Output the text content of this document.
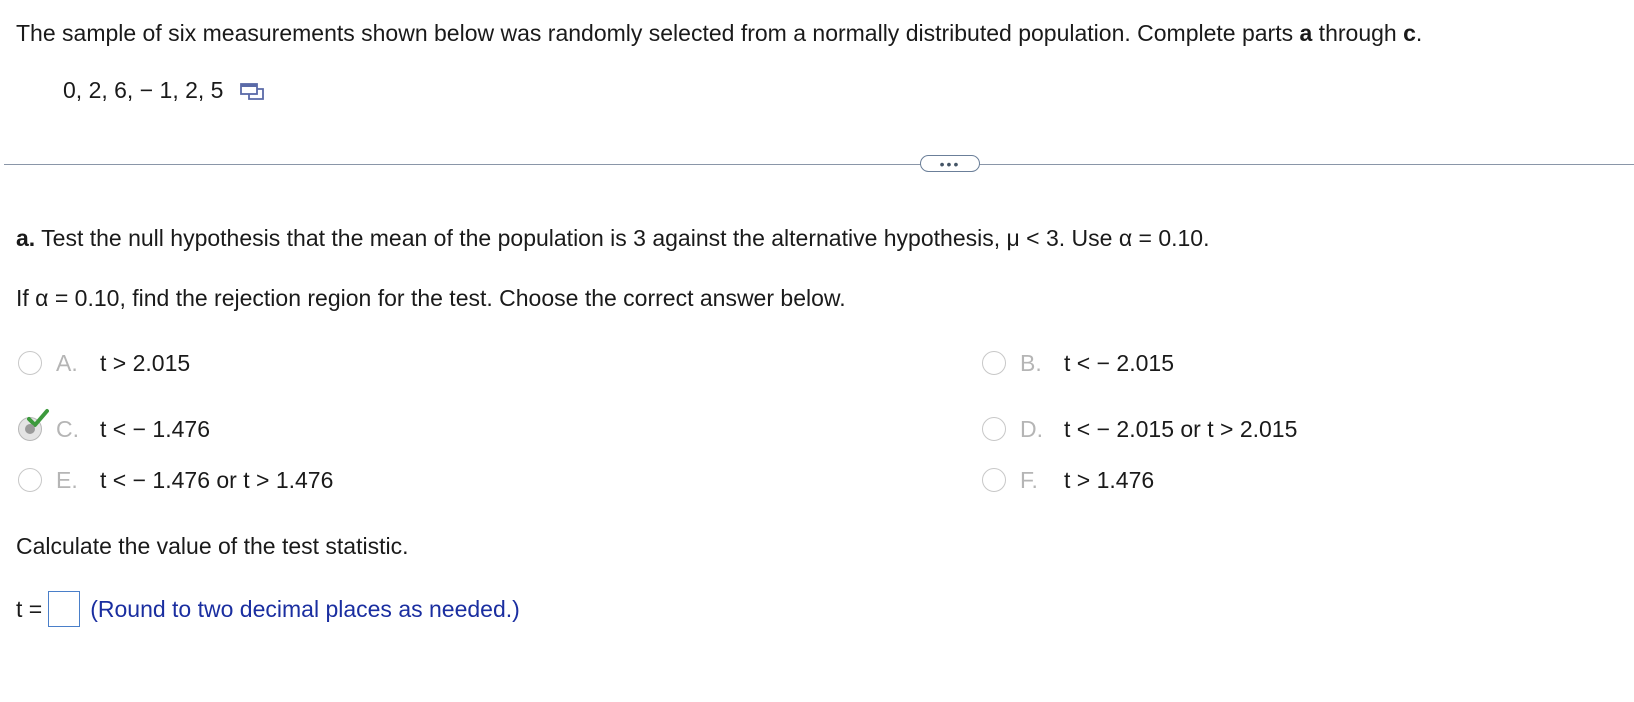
The sample of six measurements shown below was randomly selected from a normally distributed population. Complete parts a through c.
0, 2, 6, − 1, 2, 5
•••
a. Test the null hypothesis that the mean of the population is 3 against the alternative hypothesis, μ < 3. Use α = 0.10.
If α = 0.10, find the rejection region for the test. Choose the correct answer below.
A. t > 2.015	B. t < − 2.015
C. t < − 1.476	D. t < − 2.015 or t > 2.015
E. t < − 1.476 or t > 1.476	F.	t > 1.476
Calculate the value of the test statistic.
t = (Round to two decimal places as needed.)
